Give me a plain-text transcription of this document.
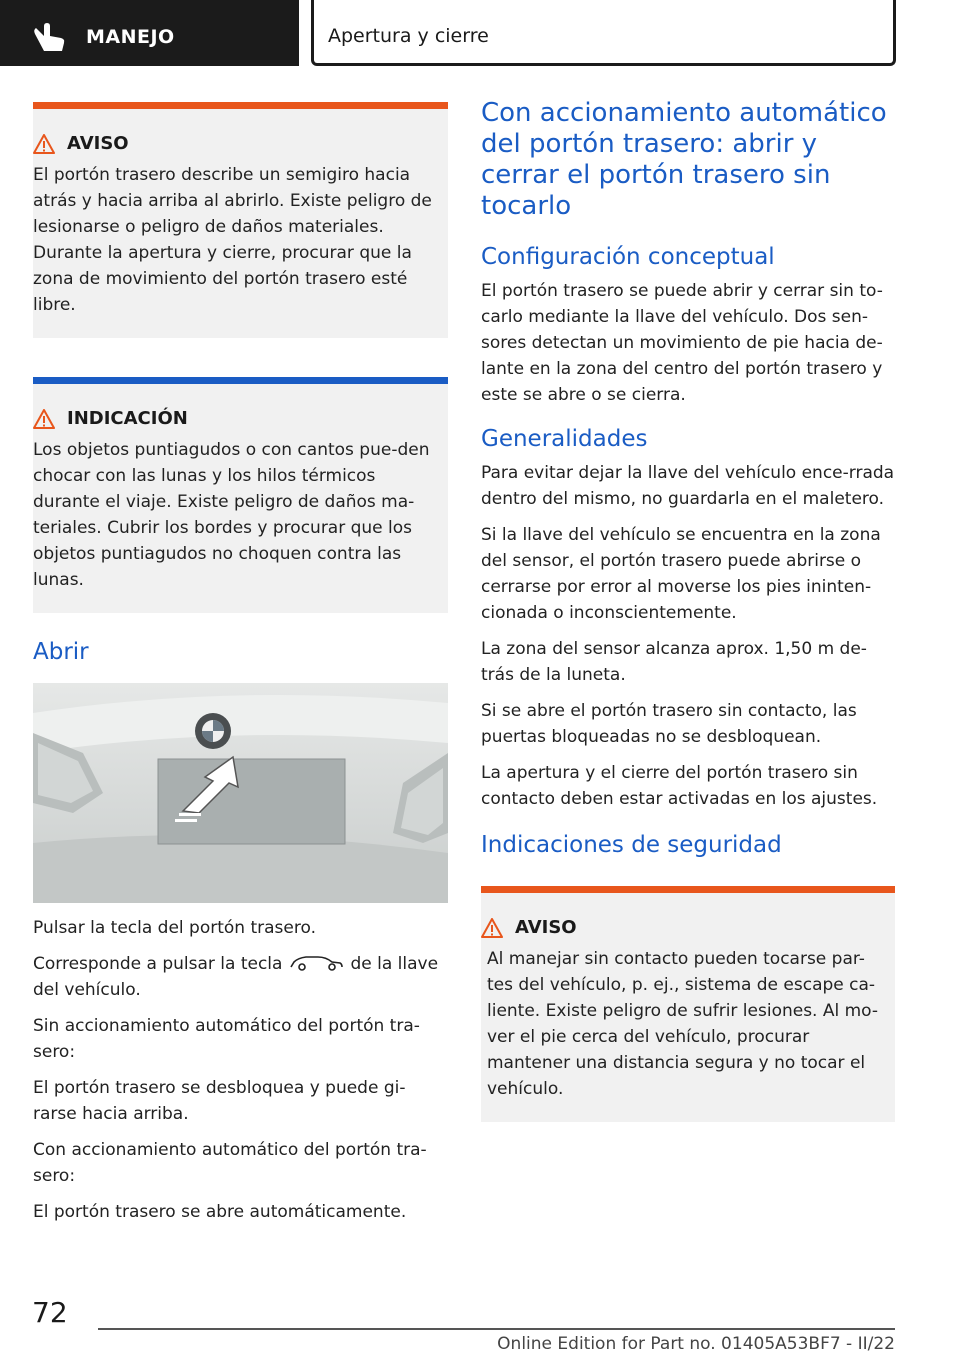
MANEJO	Apertura y cierre
AVISO

El portón trasero describe un semigiro hacia atrás y hacia arriba al abrirlo. Existe peligro de lesionarse o peligro de daños materiales. Durante la apertura y cierre, procurar que la zona de movimiento del portón trasero esté libre.

INDICACIÓN

Los objetos puntiagudos o con cantos pue-den chocar con las lunas y los hilos térmicos durante el viaje. Existe peligro de daños ma-teriales. Cubrir los bordes y procurar que los objetos puntiagudos no choquen contra las lunas.

Abrir

Pulsar la tecla del portón trasero.

Corresponde a pulsar la tecla	de la llave del vehículo.

Sin accionamiento automático del portón tra-sero:

El portón trasero se desbloquea y puede gi-rarse hacia arriba.

Con accionamiento automático del portón tra-sero:

El portón trasero se abre automáticamente.

Con accionamiento automático del portón trasero: abrir y cerrar el portón trasero sin tocarlo
Configuración conceptual

El portón trasero se puede abrir y cerrar sin to-carlo mediante la llave del vehículo. Dos sen-sores detectan un movimiento de pie hacia de-lante en la zona del centro del portón trasero y este se abre o se cierra.

Generalidades

Para evitar dejar la llave del vehículo ence-rrada dentro del mismo, no guardarla en el maletero.

Si la llave del vehículo se encuentra en la zona del sensor, el portón trasero puede abrirse o cerrarse por error al moverse los pies ininten-cionada o inconscientemente.

La zona del sensor alcanza aprox. 1,50 m de-trás de la luneta.

Si se abre el portón trasero sin contacto, las puertas bloqueadas no se desbloquean.

La apertura y el cierre del portón trasero sin contacto deben estar activadas en los ajustes.

Indicaciones de seguridad
AVISO

Al manejar sin contacto pueden tocarse par-tes del vehículo, p. ej., sistema de escape ca-liente. Existe peligro de sufrir lesiones. Al mo-ver el pie cerca del vehículo, procurar mantener una distancia segura y no tocar el vehículo.

72
Online Edition for Part no. 01405A53BF7 - II/22
